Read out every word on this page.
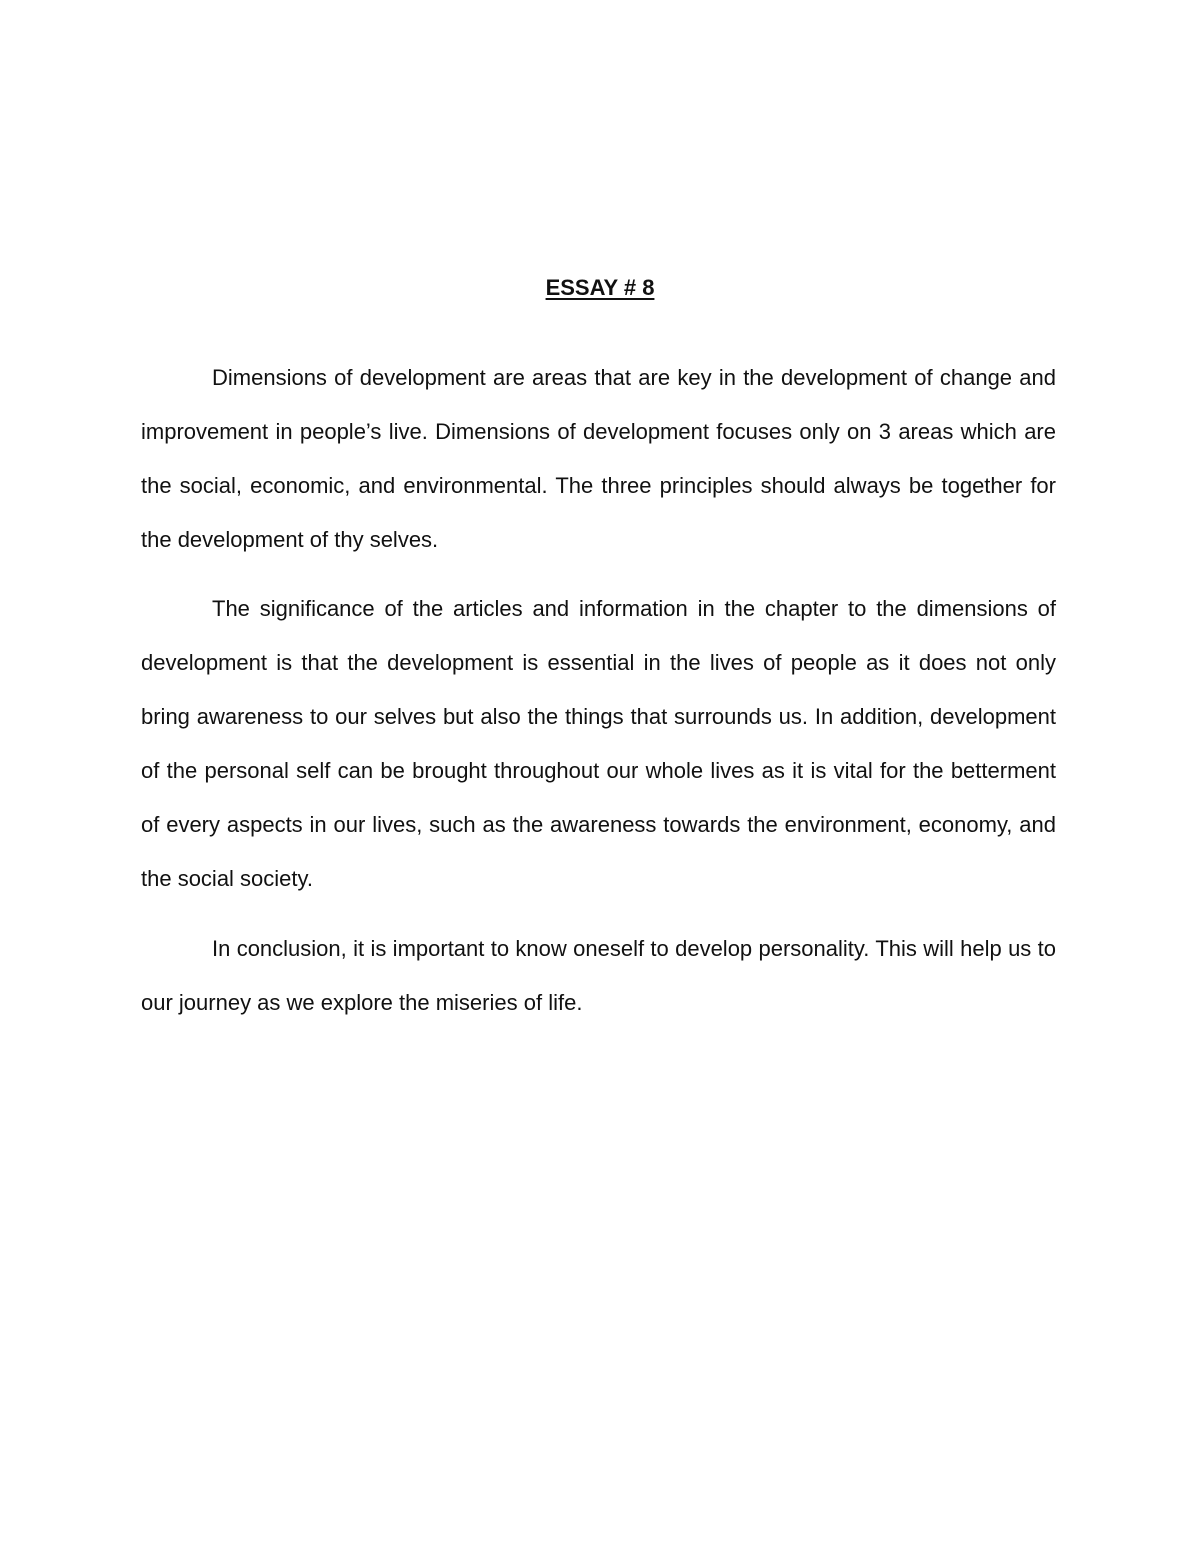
ESSAY # 8

Dimensions of development are areas that are key in the development of change and improvement in people’s live. Dimensions of development focuses only on 3 areas which are the social, economic, and environmental. The three principles should always be together for the development of thy selves.

The significance of the articles and information in the chapter to the dimensions of development is that the development is essential in the lives of people as it does not only bring awareness to our selves but also the things that surrounds us. In addition, development of the personal self can be brought throughout our whole lives as it is vital for the betterment of every aspects in our lives, such as the awareness towards the environment, economy, and the social society.

In conclusion, it is important to know oneself to develop personality. This will help us to our journey as we explore the miseries of life.
